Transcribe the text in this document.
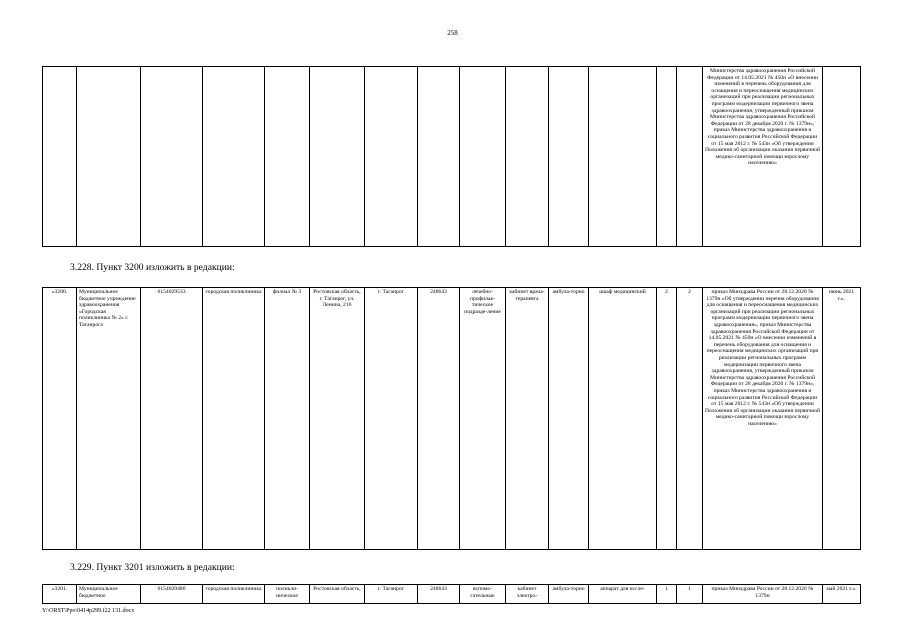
258
														Министерства здравоохранения Российской Федерации от 14.05.2021 № 450н «О внесении изменений в перечень оборудования для оснащения и переоснащения медицинских организаций при реализации региональных программ модернизации первичного звена здравоохранения, утвержденный приказом Министерства здравоохранения Российской Федерации от 28 декабря 2020 г. № 1379н», приказ Министерства здравоохранения и социального развития Российской Федерации от 15 мая 2012 г. № 543н «Об утверждении Положения об организации оказания первичной медико-санитарной помощи взрослому населению»	
3.228. Пункт 3200 изложить в редакции:
«3200.	Муниципальное бюджетное учреждение здравоохранения «Городская поликлиника № 2» г. Таганрога	6154029533	городская поликлиника	филиал № 3	Ростовская область, г. Таганрог, ул. Ленина, 216	г. Таганрог	248643	лечебно-профилак-тическое подразде-ление	кабинет врача-терапевта	амбула-торно	шкаф медицинский	2	2	приказ Минздрава России от 28.12.2020 № 1379н «Об утверждении перечня оборудования для оснащения и переоснащения медицинских организаций при реализации региональных программ модернизации первичного звена здравоохранения», приказ Министерства здравоохранения Российской Федерации от 14.05.2021 № 450н «О внесении изменений в перечень оборудования для оснащения и переоснащения медицинских организаций при реализации региональных программ модернизации первичного звена здравоохранения, утвержденный приказом Министерства здравоохранения Российской Федерации от 28 декабря 2020 г. № 1379н», приказ Министерства здравоохранения и социального развития Российской Федерации от 15 мая 2012 г. № 543н «Об утверждении Положения об организации оказания первичной медико-санитарной помощи взрослому населению»	июнь 2021 г.».
3.229. Пункт 3201 изложить в редакции:
«3201.	Муниципальное бюджетное	6154029480	городская поликлиника	поликли-ническое	Ростовская область,	г. Таганрог	248643	вспомо-гательные	кабинет электро-	амбула-торно	аппарат для иссле-	1	1	приказ Минздрава России от 28.12.2020 № 1379н	май 2021 г.».
Y:\ORST\Ppo\0414p299.f22 131.docx
